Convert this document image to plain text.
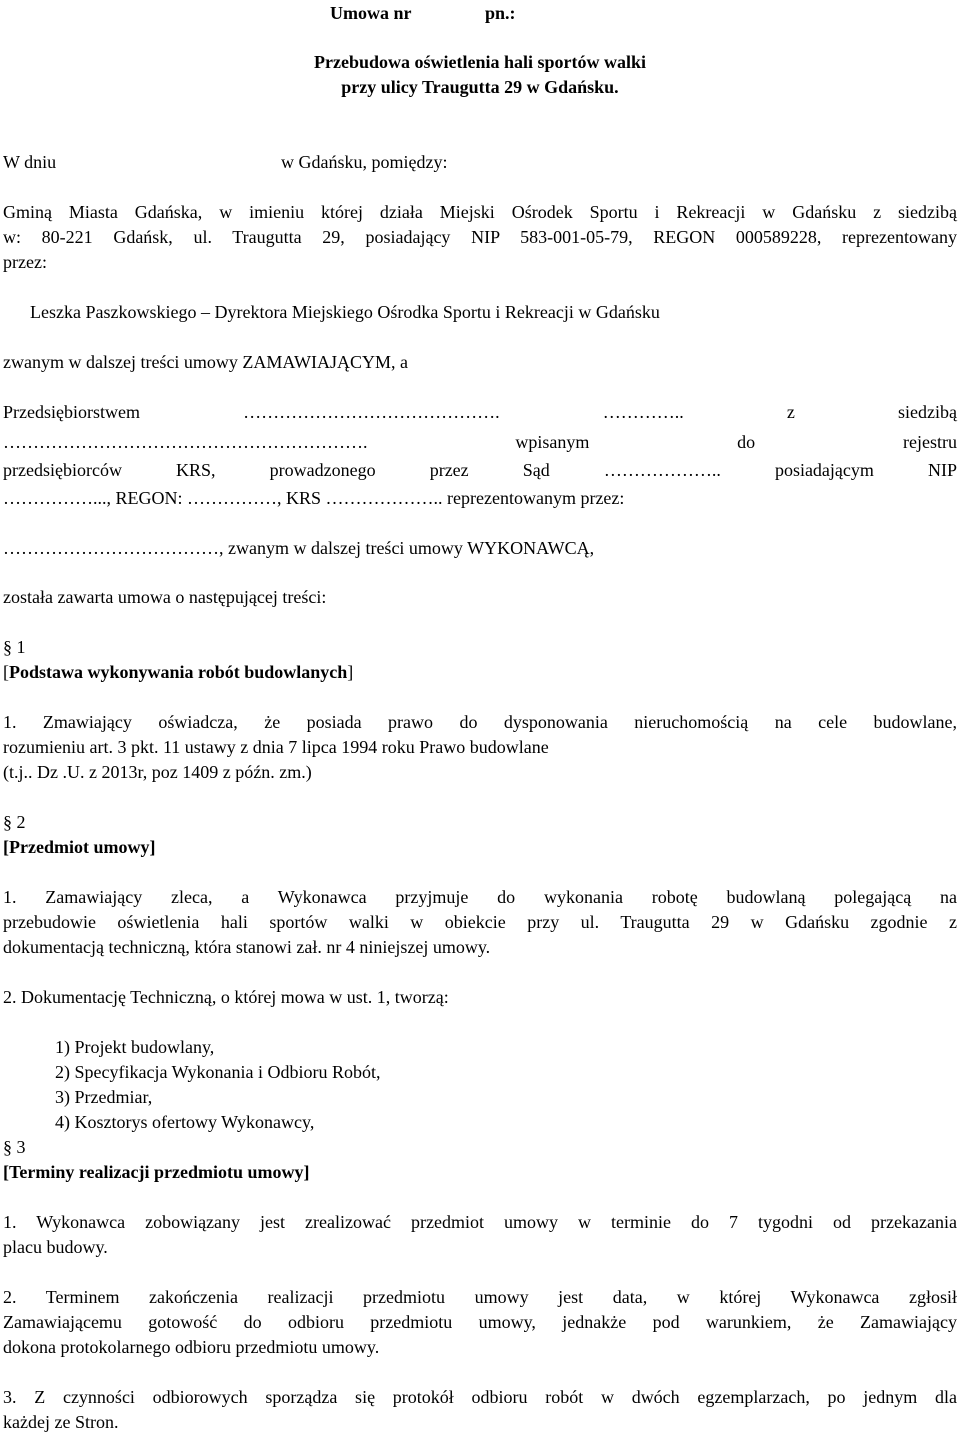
Umowa nr	pn.:

Przebudowa oświetlenia hali sportów walki

przy ulicy Traugutta 29 w Gdańsku.

W dniu	w Gdańsku, pomiędzy:

Gminą Miasta Gdańska, w imieniu której działa Miejski Ośrodek Sportu i Rekreacji w Gdańsku z siedzibą

w: 80-221 Gdańsk, ul. Traugutta 29, posiadający NIP 583-001-05-79, REGON 000589228, reprezentowany

przez:

Leszka Paszkowskiego – Dyrektora Miejskiego Ośrodka Sportu i Rekreacji w Gdańsku

zwanym w dalszej treści umowy ZAMAWIAJĄCYM, a

Przedsiębiorstwem ……………………………………. ………….. z siedzibą

……………………………………………………. wpisanym do rejestru

przedsiębiorców KRS, prowadzonego przez Sąd ……………….. posiadającym NIP

……………..., REGON: ……………, KRS ……………….. reprezentowanym przez:

………………………………, zwanym w dalszej treści umowy WYKONAWCĄ,

została zawarta umowa o następującej treści:

§ 1

[Podstawa wykonywania robót budowlanych]

1. Zmawiający oświadcza, że posiada prawo do dysponowania nieruchomością na cele budowlane,

rozumieniu art. 3 pkt. 11 ustawy z dnia 7 lipca 1994 roku Prawo budowlane

(t.j.. Dz .U. z 2013r, poz 1409 z późn. zm.)

§ 2

[Przedmiot umowy]

1. Zamawiający zleca, a Wykonawca przyjmuje do wykonania robotę budowlaną polegającą na

przebudowie oświetlenia hali sportów walki w obiekcie przy ul. Traugutta 29 w Gdańsku zgodnie z

dokumentacją techniczną, która stanowi zał. nr 4 niniejszej umowy.

2. Dokumentację Techniczną, o której mowa w ust. 1, tworzą:

1) Projekt budowlany,

2) Specyfikacja Wykonania i Odbioru Robót,

3) Przedmiar,

4) Kosztorys ofertowy Wykonawcy,

§ 3

[Terminy realizacji przedmiotu umowy]

1. Wykonawca zobowiązany jest zrealizować przedmiot umowy w terminie do 7 tygodni od przekazania

placu budowy.

2. Terminem zakończenia realizacji przedmiotu umowy jest data, w której Wykonawca zgłosił

Zamawiającemu gotowość do odbioru przedmiotu umowy, jednakże pod warunkiem, że Zamawiający

dokona protokolarnego odbioru przedmiotu umowy.

3. Z czynności odbiorowych sporządza się protokół odbioru robót w dwóch egzemplarzach, po jednym dla

każdej ze Stron.
